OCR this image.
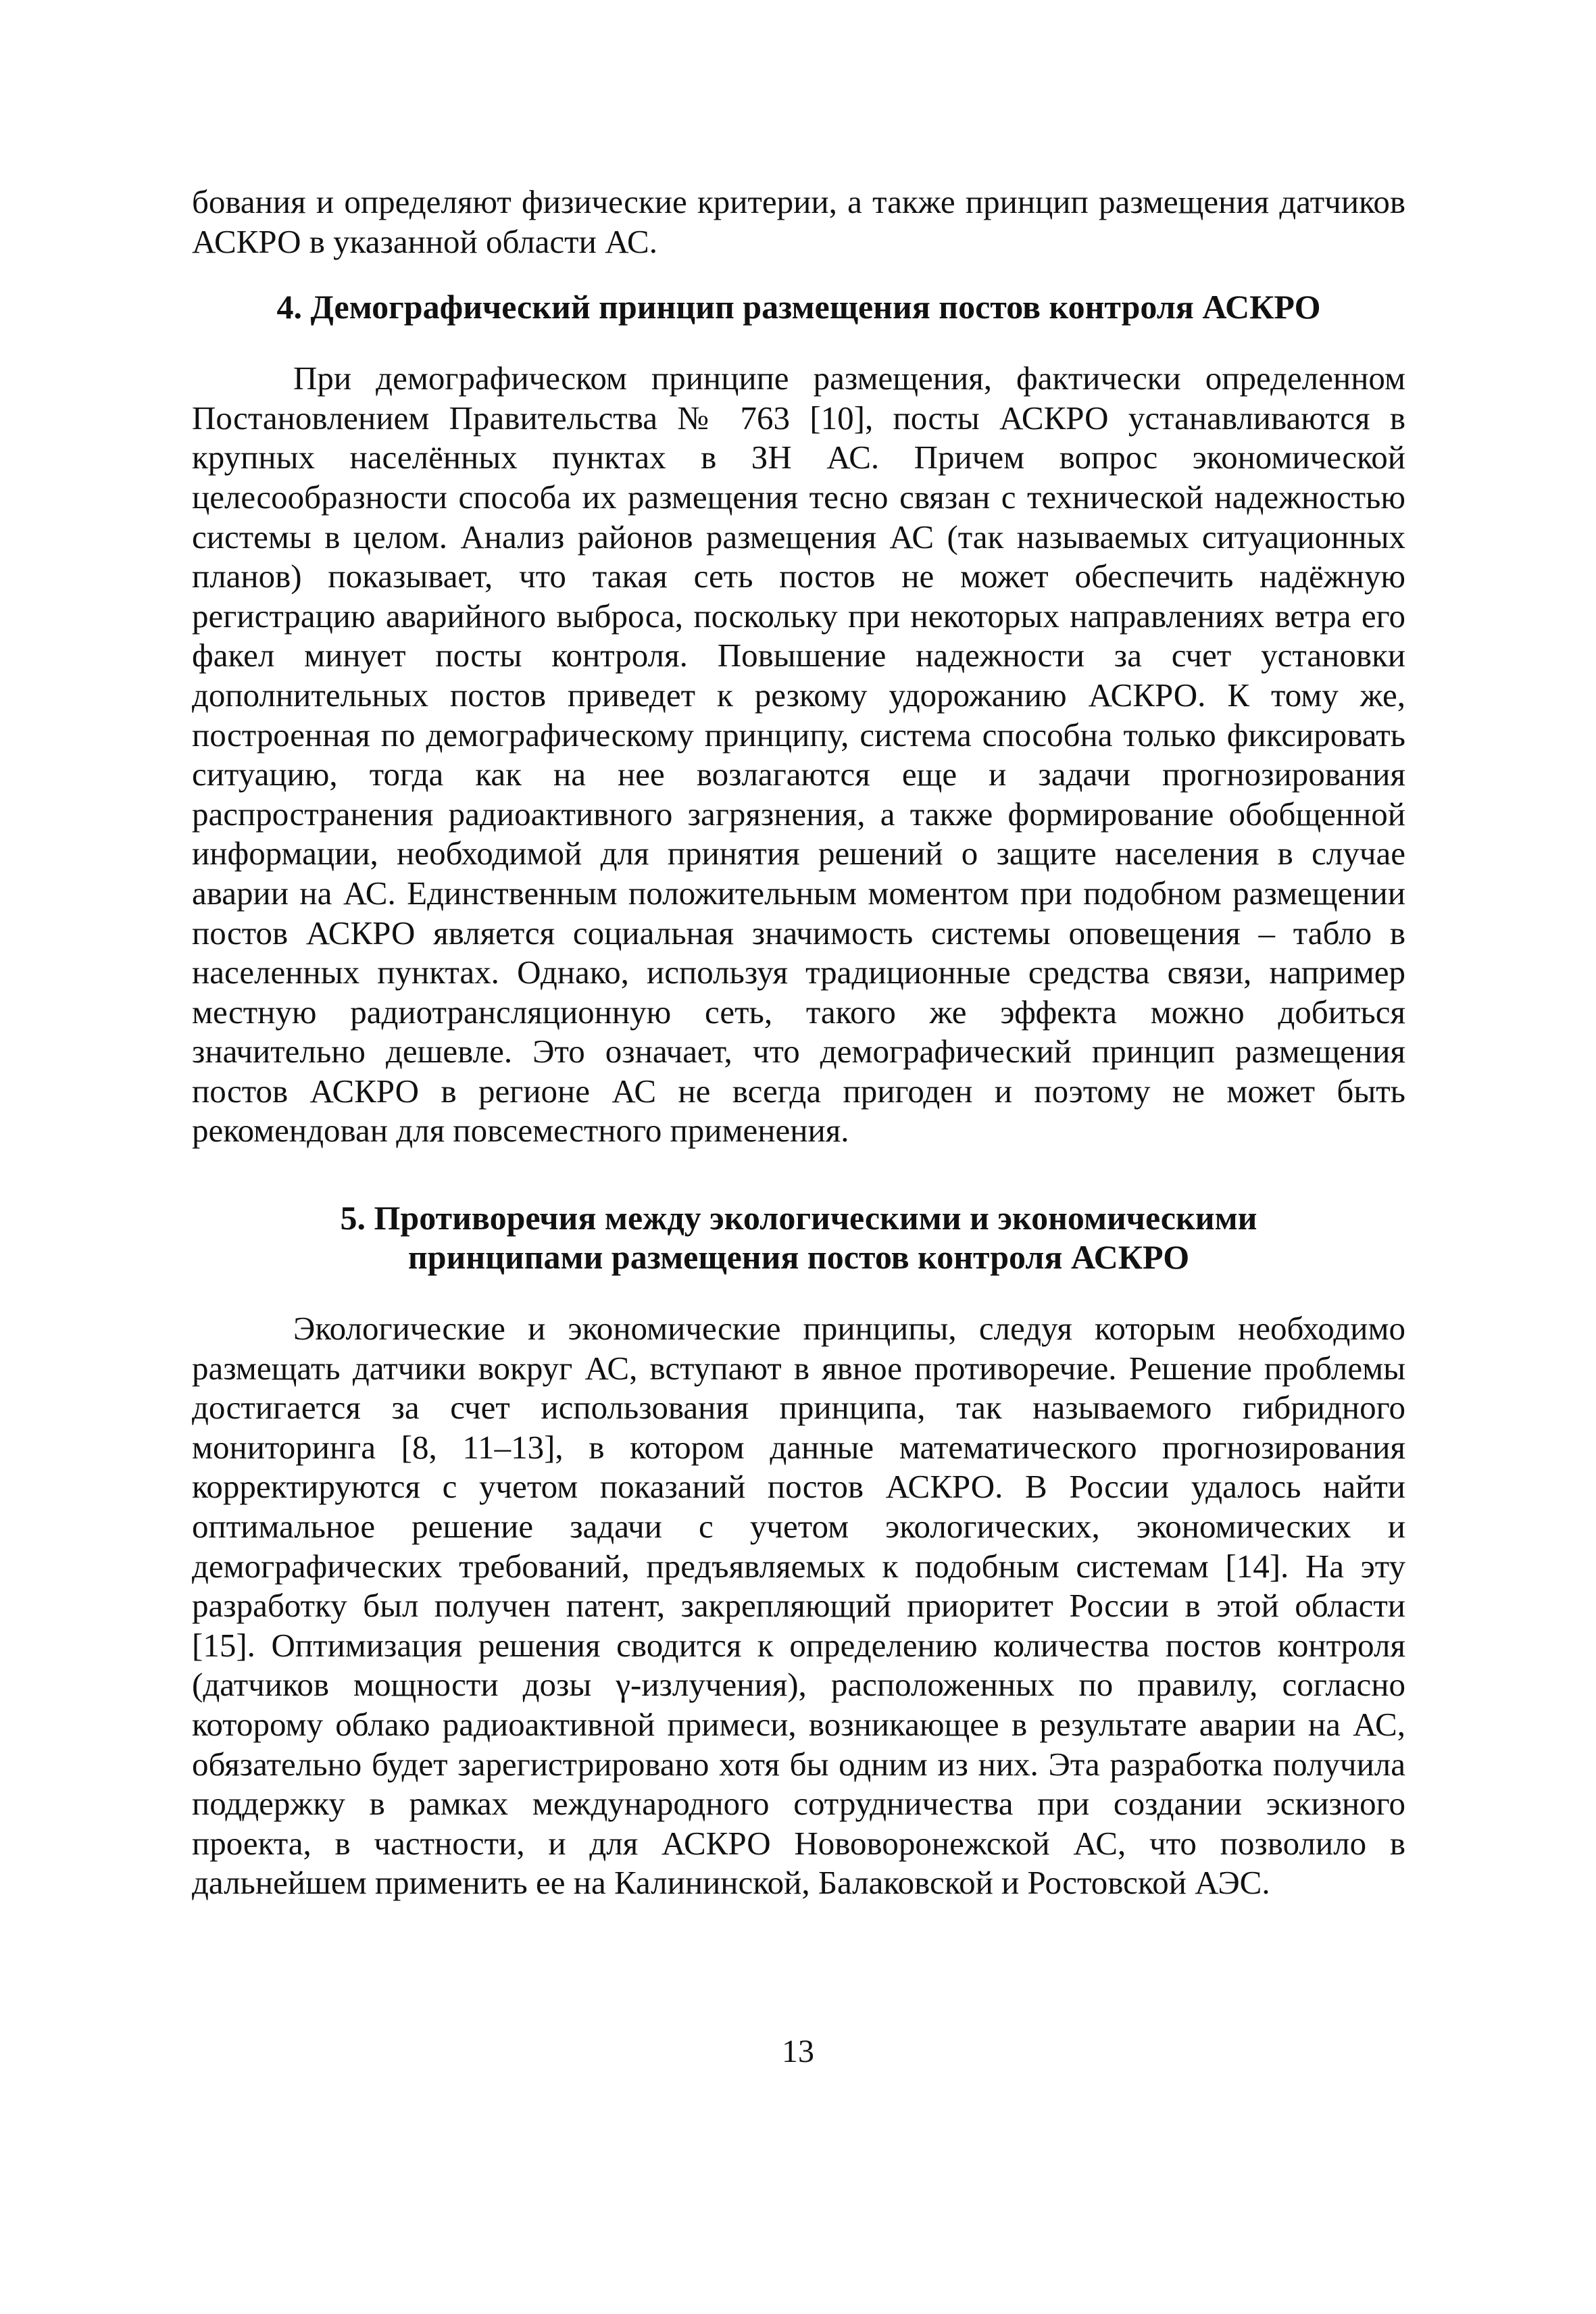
бования и определяют физические критерии, а также принцип размещения датчиков АСКРО в указанной области АС.

4. Демографический принцип размещения постов контроля АСКРО

При демографическом принципе размещения, фактически определенном Постановлением Правительства № 763 [10], посты АСКРО устанавливаются в крупных населённых пунктах в ЗН АС. Причем вопрос экономической целесообразности способа их размещения тесно связан с технической надежностью системы в целом. Анализ районов размещения АС (так называемых ситуационных планов) показывает, что такая сеть постов не может обеспечить надёжную регистрацию аварийного выброса, поскольку при некоторых направлениях ветра его факел минует посты контроля. Повышение надежности за счет установки дополнительных постов приведет к резкому удорожанию АСКРО. К тому же, построенная по демографическому принципу, система способна только фиксировать ситуацию, тогда как на нее возлагаются еще и задачи прогнозирования распространения радиоактивного загрязнения, а также формирование обобщенной информации, необходимой для принятия решений о защите населения в случае аварии на АС. Единственным положительным моментом при подобном размещении постов АСКРО является социальная значимость системы оповещения – табло в населенных пунктах. Однако, используя традиционные средства связи, например местную радиотрансляционную сеть, такого же эффекта можно добиться значительно дешевле. Это означает, что демографический принцип размещения постов АСКРО в регионе АС не всегда пригоден и поэтому не может быть рекомендован для повсеместного применения.

5. Противоречия между экологическими и экономическими
принципами размещения постов контроля АСКРО

Экологические и экономические принципы, следуя которым необходимо размещать датчики вокруг АС, вступают в явное противоречие. Решение проблемы достигается за счет использования принципа, так называемого гибридного мониторинга [8, 11–13], в котором данные математического прогнозирования корректируются с учетом показаний постов АСКРО. В России удалось найти оптимальное решение задачи с учетом экологических, экономических и демографических требований, предъявляемых к подобным системам [14]. На эту разработку был получен патент, закрепляющий приоритет России в этой области [15]. Оптимизация решения сводится к определению количества постов контроля (датчиков мощности дозы γ-излучения), расположенных по правилу, согласно которому облако радиоактивной примеси, возникающее в результате аварии на АС, обязательно будет зарегистрировано хотя бы одним из них. Эта разработка получила поддержку в рамках международного сотрудничества при создании эскизного проекта, в частности, и для АСКРО Нововоронежской АС, что позволило в дальнейшем применить ее на Калининской, Балаковской и Ростовской АЭС.

13
